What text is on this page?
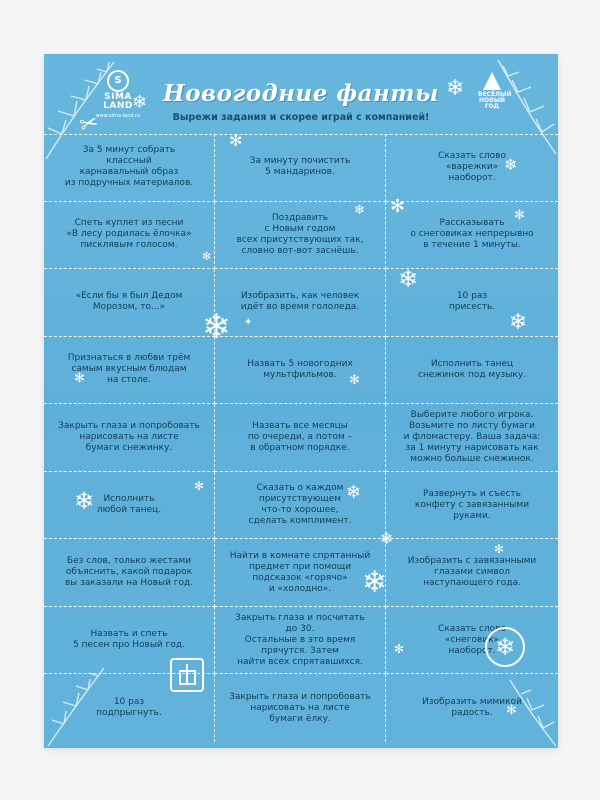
S
SIMA
LAND
www.sima-land.ru
ВЕСЁЛЫЙ
НОВЫЙ
ГОД
Новогодние фанты
Вырежи задания и скорее играй с компанией!
✂
За 5 минут собрать
классный
карнавальный образ
из подручных материалов.
За минуту почистить
5 мандаринов.
Сказать слово
«варежки»
наоборот.
Спеть куплет из песни
«В лесу родилась ёлочка»
писклявым голосом.
Поздравить
с Новым годом
всех присутствующих так,
словно вот-вот заснёшь.
Рассказывать
о снеговиках непрерывно
в течение 1 минуты.
«Если бы я был Дедом
Морозом, то...»
Изобразить, как человек
идёт во время гололеда.
10 раз
присесть.
Признаться в любви трём
самым вкусным блюдам
на столе.
Назвать 5 новогодних
мультфильмов.
Исполнить танец
снежинок под музыку.
Закрыть глаза и попробовать
нарисовать на листе
бумаги снежинку.
Назвать все месяцы
по очереди, а потом –
в обратном порядке.
Выберите любого игрока.
Возьмите по листу бумаги
и фломастеру. Ваша задача:
за 1 минуту нарисовать как
можно больше снежинок.
Исполнить
любой танец.
Сказать о каждом
присутствующем
что-то хорошее,
сделать комплимент.
Развернуть и съесть
конфету с завязанными
руками.
Без слов, только жестами
объяснить, какой подарок
вы заказали на Новый год.
Найти в комнате спрятанный
предмет при помощи
подсказок «горячо»
и «холодно».
Изобразить с завязанными
глазами символ
наступающего года.
Назвать и спеть
5 песен про Новый год.
Закрыть глаза и посчитать
до 30.
Остальные в это время
прячутся. Затем
найти всех спрятавшихся.
Сказать слово
«снеговик»
наоборот.
10 раз
подпрыгнуть.
Закрыть глаза и попробовать
нарисовать на листе
бумаги ёлку.
Изобразить мимикой
радость.
❄
❄
✻
❄
❄ ✻	✻
✻
❄
❄ ✦	❄
✻	✻
❄
✻	❄
❄
✻
❄
✻
✻
❄
